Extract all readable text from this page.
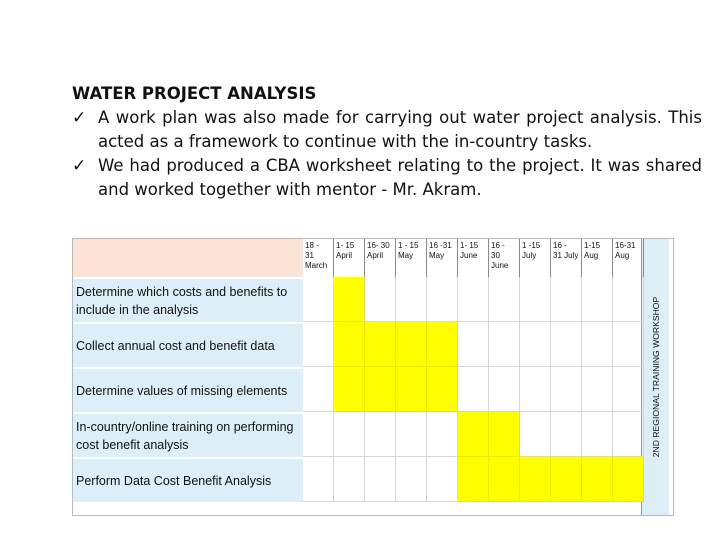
WATER PROJECT ANALYSIS
✓ A work plan was also made for carrying out water project analysis. This acted as a framework to continue with the in-country tasks.
✓ We had produced a CBA worksheet relating to the project. It was shared and worked together with mentor - Mr. Akram.
2ND REGIONAL TRAINING WORKSHOP
18 -
31
March
1- 15
April
16- 30
April
1 - 15
May
16 -31
May
1- 15
June
16 -
30
June
1 -15
July
16 -
31 July
1-15
Aug
16-31
Aug
Determine which costs and benefits to include in the analysis
Collect annual cost and benefit data
Determine values of missing elements
In-country/online training on performing cost benefit analysis
Perform Data Cost Benefit Analysis
